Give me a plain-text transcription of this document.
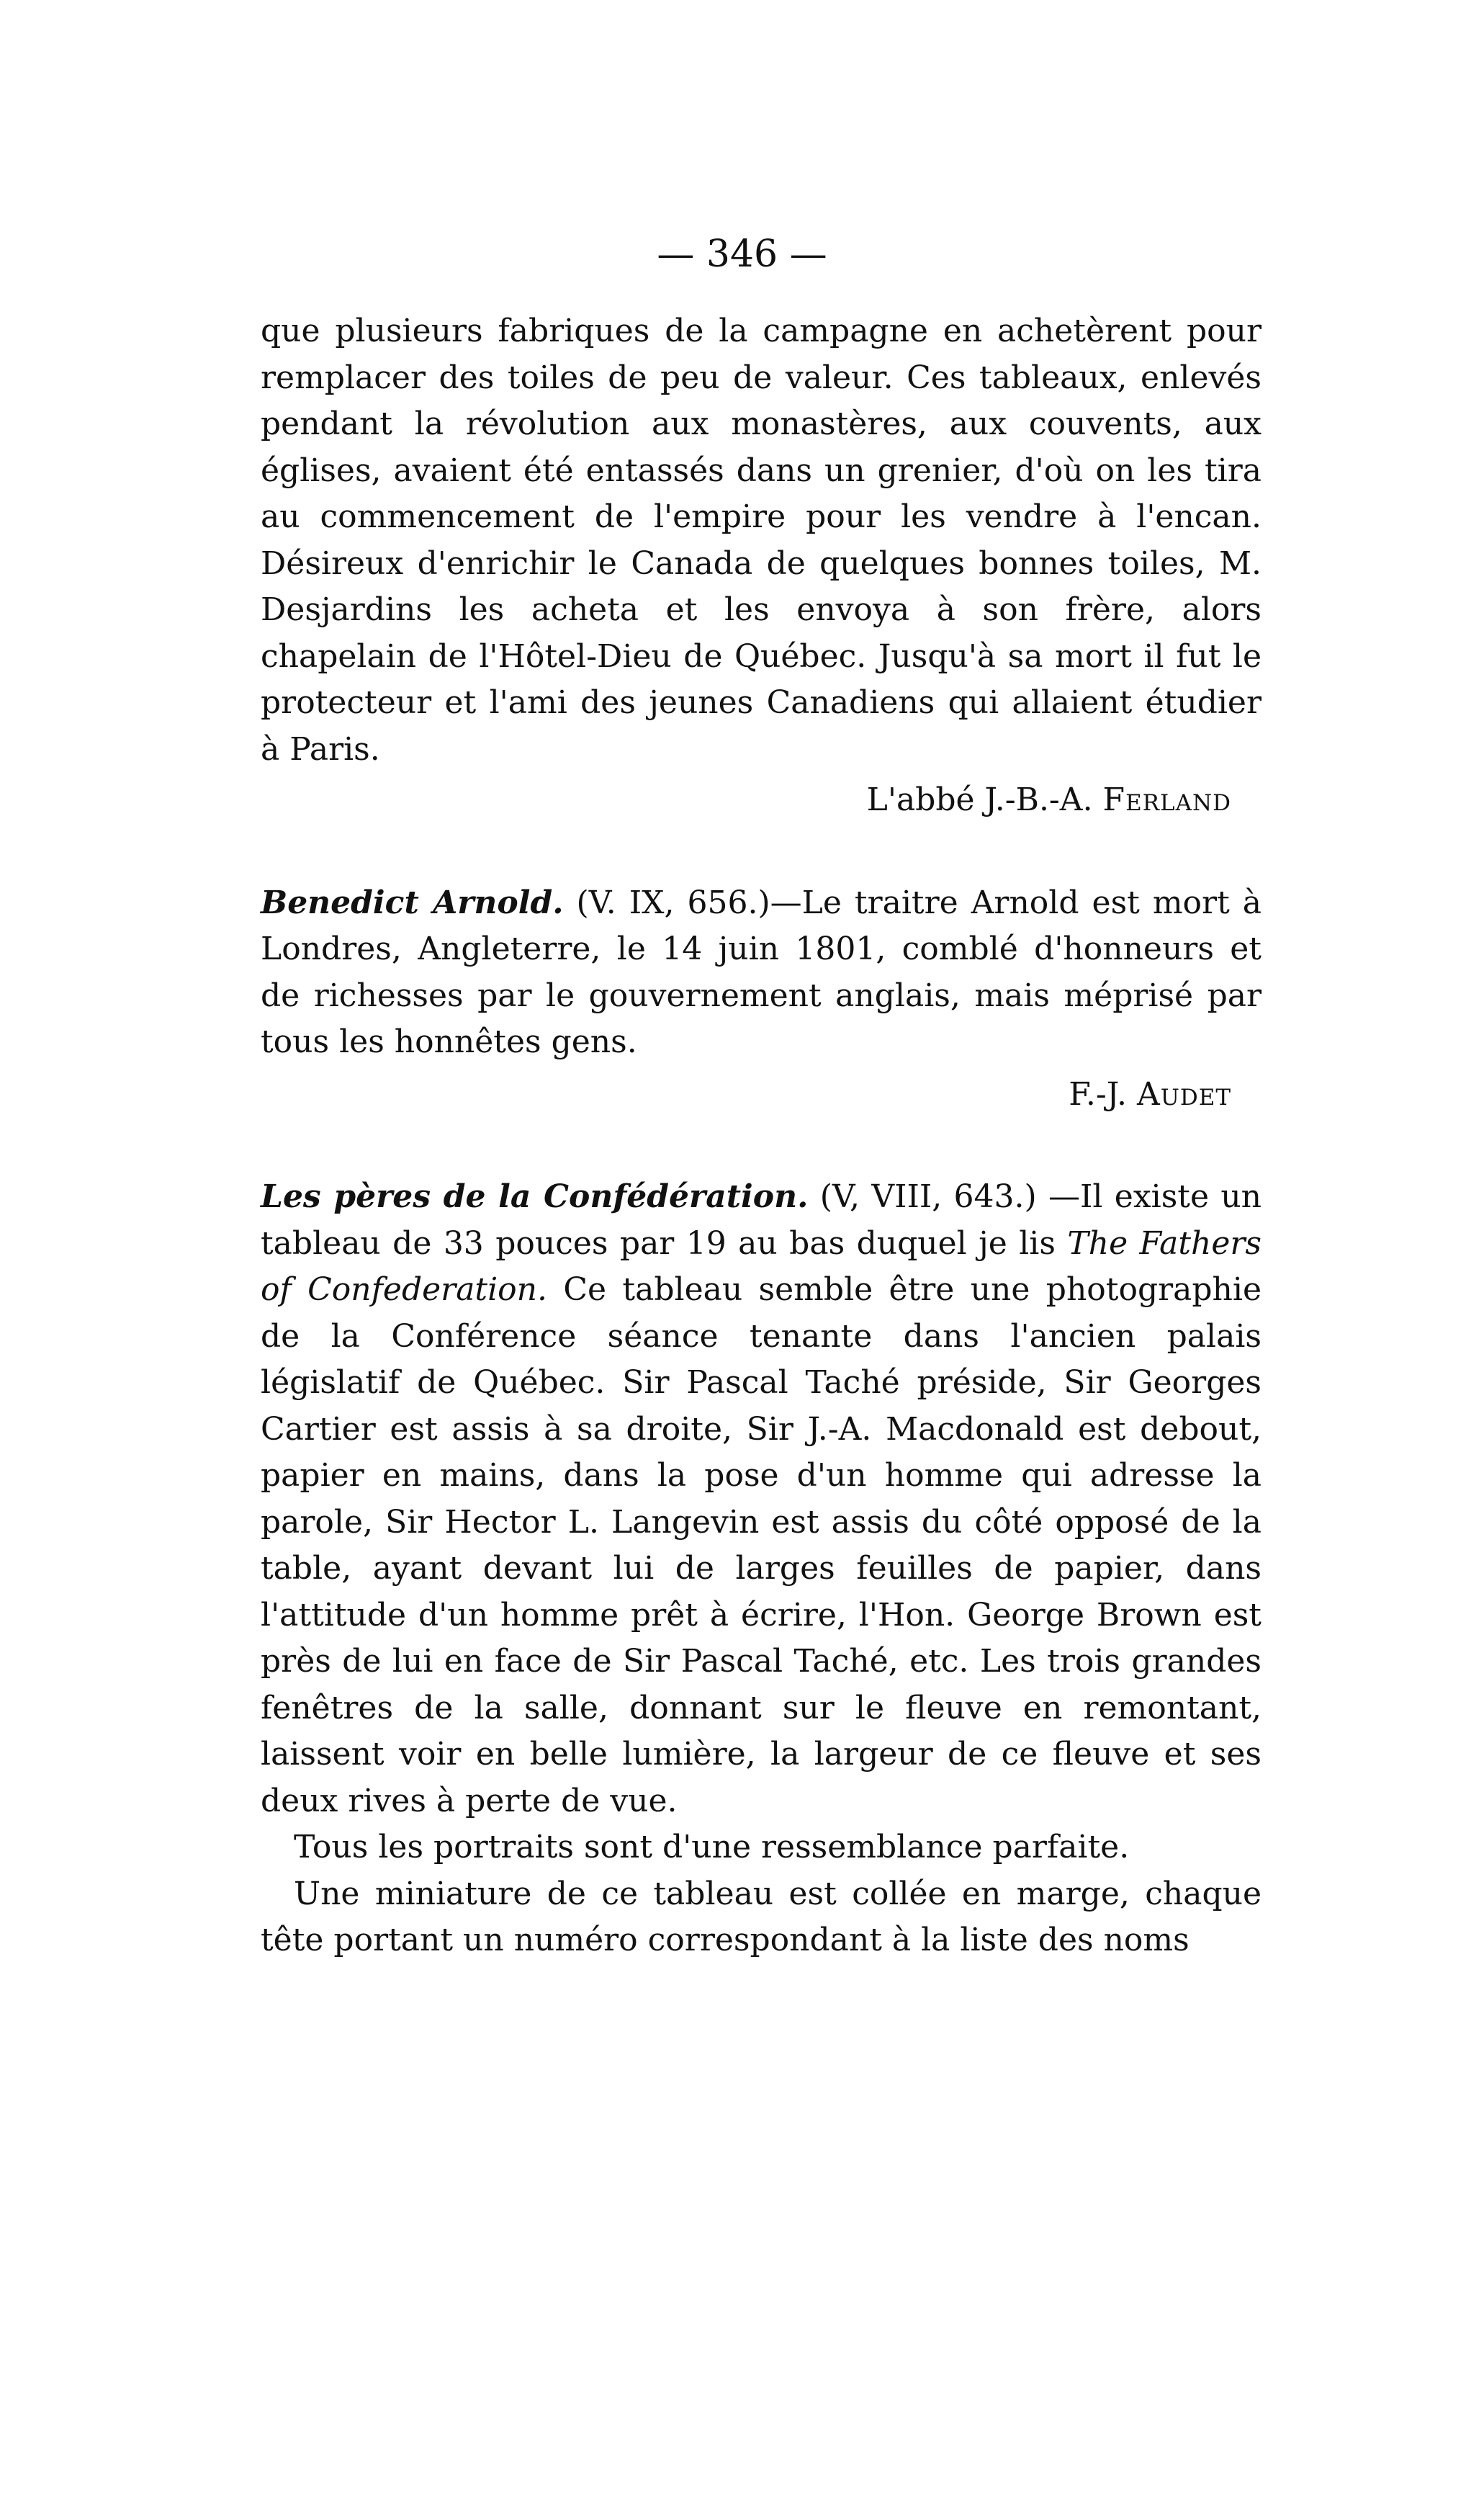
— 346 —

que plusieurs fabriques de la campagne en achetèrent pour remplacer des toiles de peu de valeur. Ces tableaux, enlevés pendant la révolution aux monastères, aux couvents, aux églises, avaient été entassés dans un grenier, d'où on les tira au commencement de l'empire pour les vendre à l'encan. Désireux d'enrichir le Canada de quelques bonnes toiles, M. Desjardins les acheta et les envoya à son frère, alors chapelain de l'Hôtel-Dieu de Québec. Jusqu'à sa mort il fut le protecteur et l'ami des jeunes Canadiens qui allaient étudier à Paris.

L'abbé J.-B.-A. Ferland

Benedict Arnold. (V. IX, 656.)—Le traitre Arnold est mort à Londres, Angleterre, le 14 juin 1801, comblé d'honneurs et de richesses par le gouvernement anglais, mais méprisé par tous les honnêtes gens.

F.-J. Audet

Les pères de la Confédération. (V, VIII, 643.) —Il existe un tableau de 33 pouces par 19 au bas duquel je lis The Fathers of Confederation. Ce tableau semble être une photographie de la Conférence séance tenante dans l'ancien palais législatif de Québec. Sir Pascal Taché préside, Sir Georges Cartier est assis à sa droite, Sir J.-A. Macdonald est debout, papier en mains, dans la pose d'un homme qui adresse la parole, Sir Hector L. Langevin est assis du côté opposé de la table, ayant devant lui de larges feuilles de papier, dans l'attitude d'un homme prêt à écrire, l'Hon. George Brown est près de lui en face de Sir Pascal Taché, etc. Les trois grandes fenêtres de la salle, donnant sur le fleuve en remontant, laissent voir en belle lumière, la largeur de ce fleuve et ses deux rives à perte de vue.

Tous les portraits sont d'une ressemblance parfaite.

Une miniature de ce tableau est collée en marge, chaque tête portant un numéro correspondant à la liste des noms
